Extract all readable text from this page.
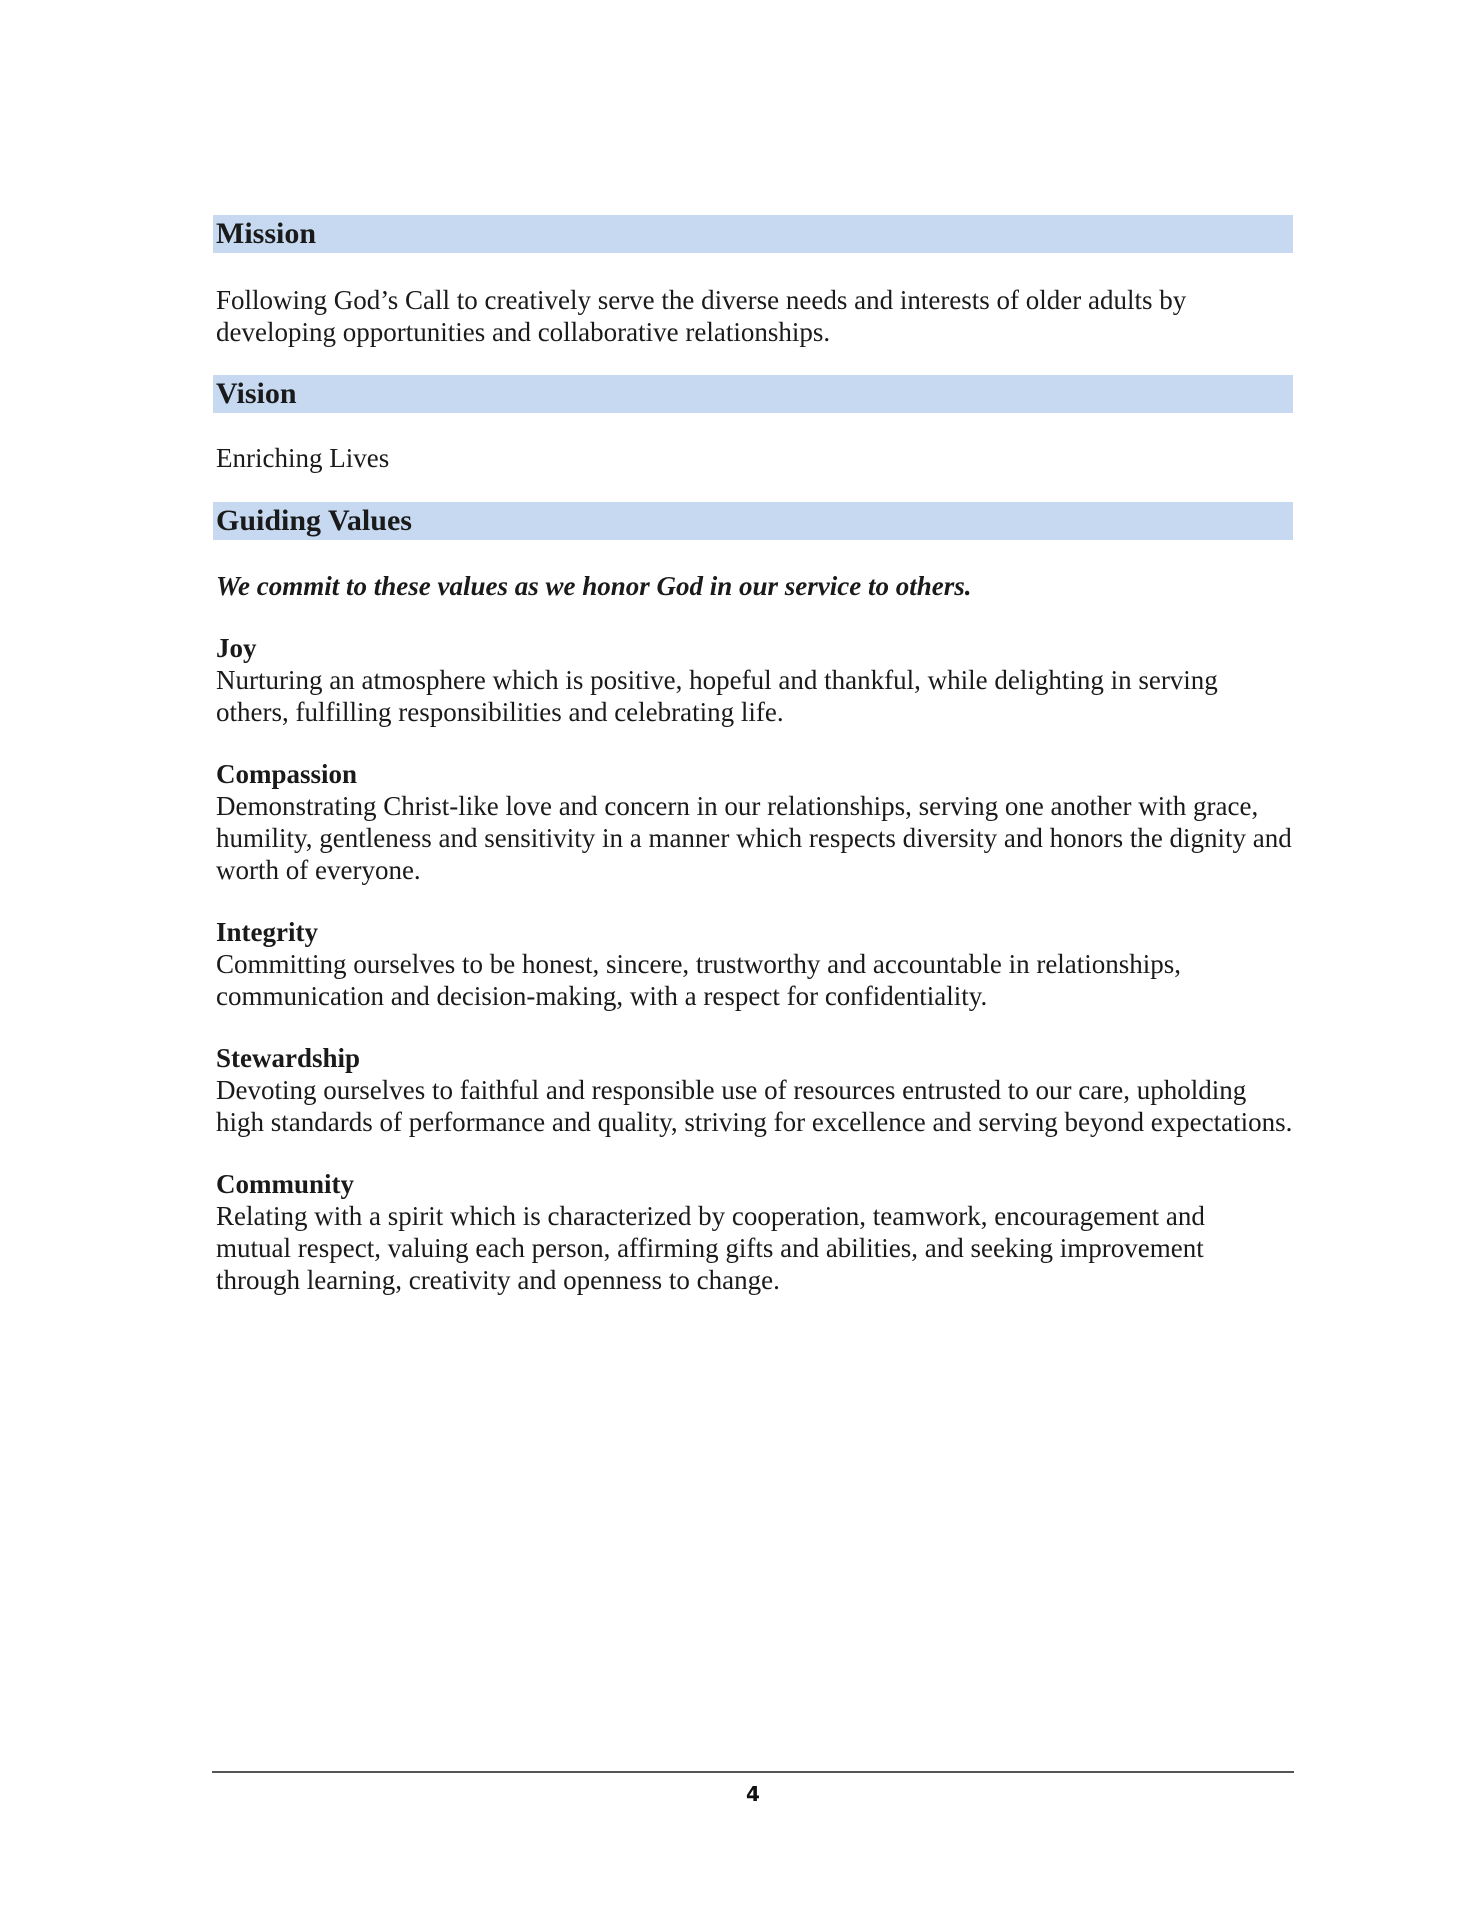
Mission

Following God’s Call to creatively serve the diverse needs and interests of older adults by developing opportunities and collaborative relationships.

Vision

Enriching Lives

Guiding Values

We commit to these values as we honor God in our service to others.

Joy

Nurturing an atmosphere which is positive, hopeful and thankful, while delighting in serving others, fulfilling responsibilities and celebrating life.

Compassion

Demonstrating Christ-like love and concern in our relationships, serving one another with grace, humility, gentleness and sensitivity in a manner which respects diversity and honors the dignity and worth of everyone.

Integrity

Committing ourselves to be honest, sincere, trustworthy and accountable in relationships, communication and decision-making, with a respect for confidentiality.

Stewardship

Devoting ourselves to faithful and responsible use of resources entrusted to our care, upholding high standards of performance and quality, striving for excellence and serving beyond expectations.

Community

Relating with a spirit which is characterized by cooperation, teamwork, encouragement and mutual respect, valuing each person, affirming gifts and abilities, and seeking improvement through learning, creativity and openness to change.

4
